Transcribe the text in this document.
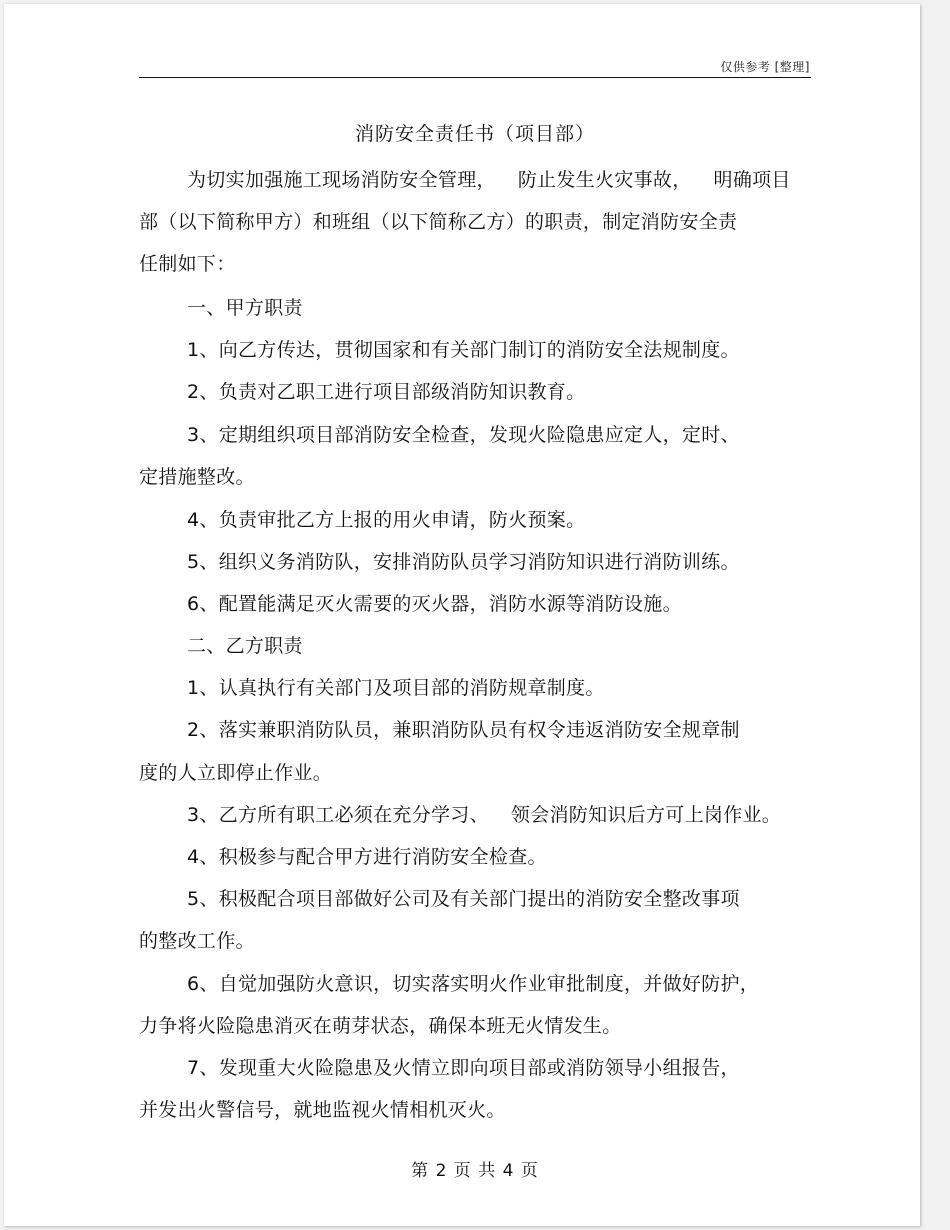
仅供参考 [整理]
消防安全责任书（项目部）
为切实加强施工现场消防安全管理， 防止发生火灾事故， 明确项目
部（以下简称甲方）和班组（以下简称乙方）的职责，制定消防安全责
任制如下：
一、甲方职责
1、向乙方传达，贯彻国家和有关部门制订的消防安全法规制度。
2、负责对乙职工进行项目部级消防知识教育。
3、定期组织项目部消防安全检查，发现火险隐患应定人，定时、
定措施整改。
4、负责审批乙方上报的用火申请，防火预案。
5、组织义务消防队，安排消防队员学习消防知识进行消防训练。
6、配置能满足灭火需要的灭火器，消防水源等消防设施。
二、乙方职责
1、认真执行有关部门及项目部的消防规章制度。
2、落实兼职消防队员，兼职消防队员有权令违返消防安全规章制
度的人立即停止作业。
3、乙方所有职工必须在充分学习、 领会消防知识后方可上岗作业。
4、积极参与配合甲方进行消防安全检查。
5、积极配合项目部做好公司及有关部门提出的消防安全整改事项
的整改工作。
6、自觉加强防火意识，切实落实明火作业审批制度，并做好防护，
力争将火险隐患消灭在萌芽状态，确保本班无火情发生。
7、发现重大火险隐患及火情立即向项目部或消防领导小组报告，
并发出火警信号，就地监视火情相机灭火。
第 2 页 共 4 页
